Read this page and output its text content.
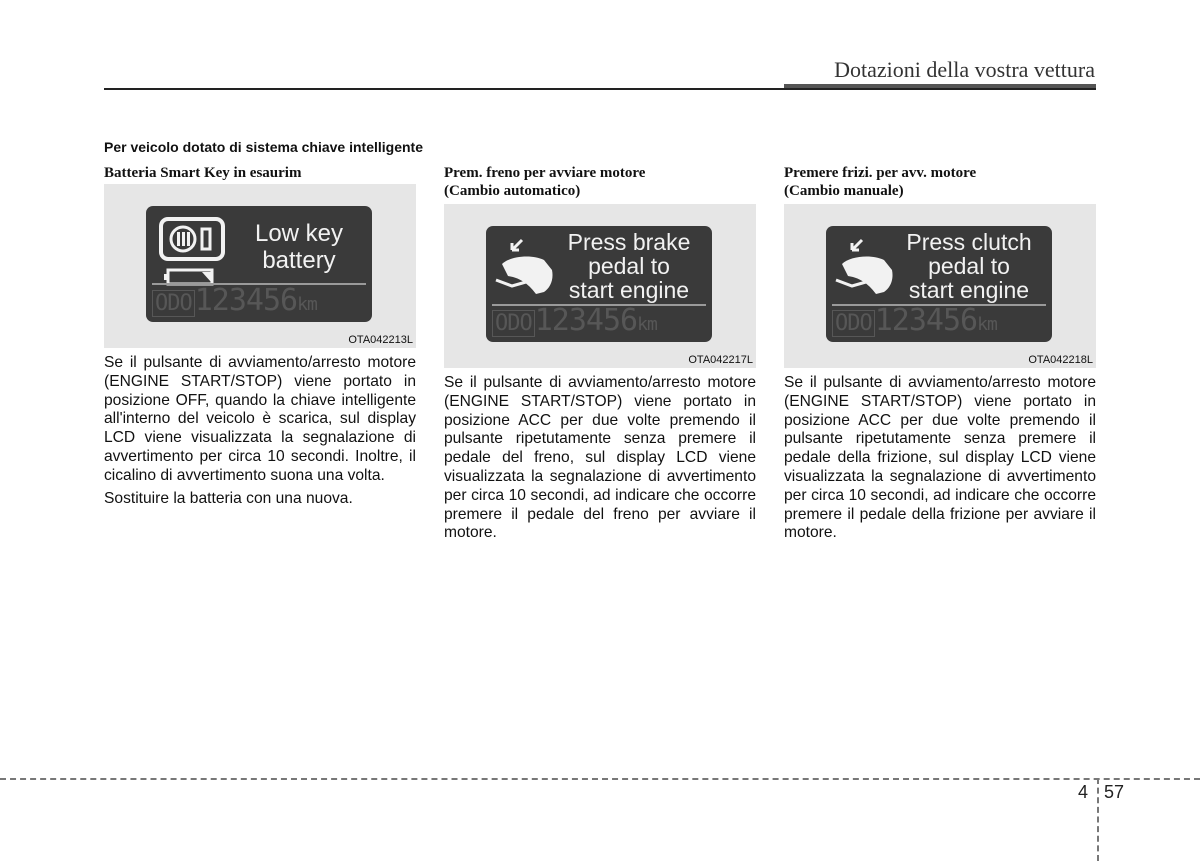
Dotazioni della vostra vettura
Per veicolo dotato di sistema chiave intelligente
Batteria Smart Key in esaurim
Low key
battery
ODO 123456km
OTA042213L

Se il pulsante di avviamento/arresto motore (ENGINE START/STOP) viene portato in posizione OFF, quando la chiave intelligente all'interno del veicolo è scarica, sul display LCD viene visualizzata la segnalazione di avvertimento per circa 10 secondi. Inoltre, il cicalino di avvertimento suona una volta.

Sostituire la batteria con una nuova.

Prem. freno per avviare motore
(Cambio automatico)
Press brake
pedal to
start engine
ODO 123456km
OTA042217L

Se il pulsante di avviamento/arresto motore (ENGINE START/STOP) viene portato in posizione ACC per due volte premendo il pulsante ripetutamente senza premere il pedale del freno, sul display LCD viene visualizzata la segnalazione di avvertimento per circa 10 secondi, ad indicare che occorre premere il pedale del freno per avviare il motore.

Premere frizi. per avv. motore
(Cambio manuale)
Press clutch
pedal to
start engine
ODO 123456km
OTA042218L

Se il pulsante di avviamento/arresto motore (ENGINE START/STOP) viene portato in posizione ACC per due volte premendo il pulsante ripetutamente senza premere il pedale della frizione, sul display LCD viene visualizzata la segnalazione di avvertimento per circa 10 secondi, ad indicare che occorre premere il pedale della frizione per avviare il motore.

4 57
